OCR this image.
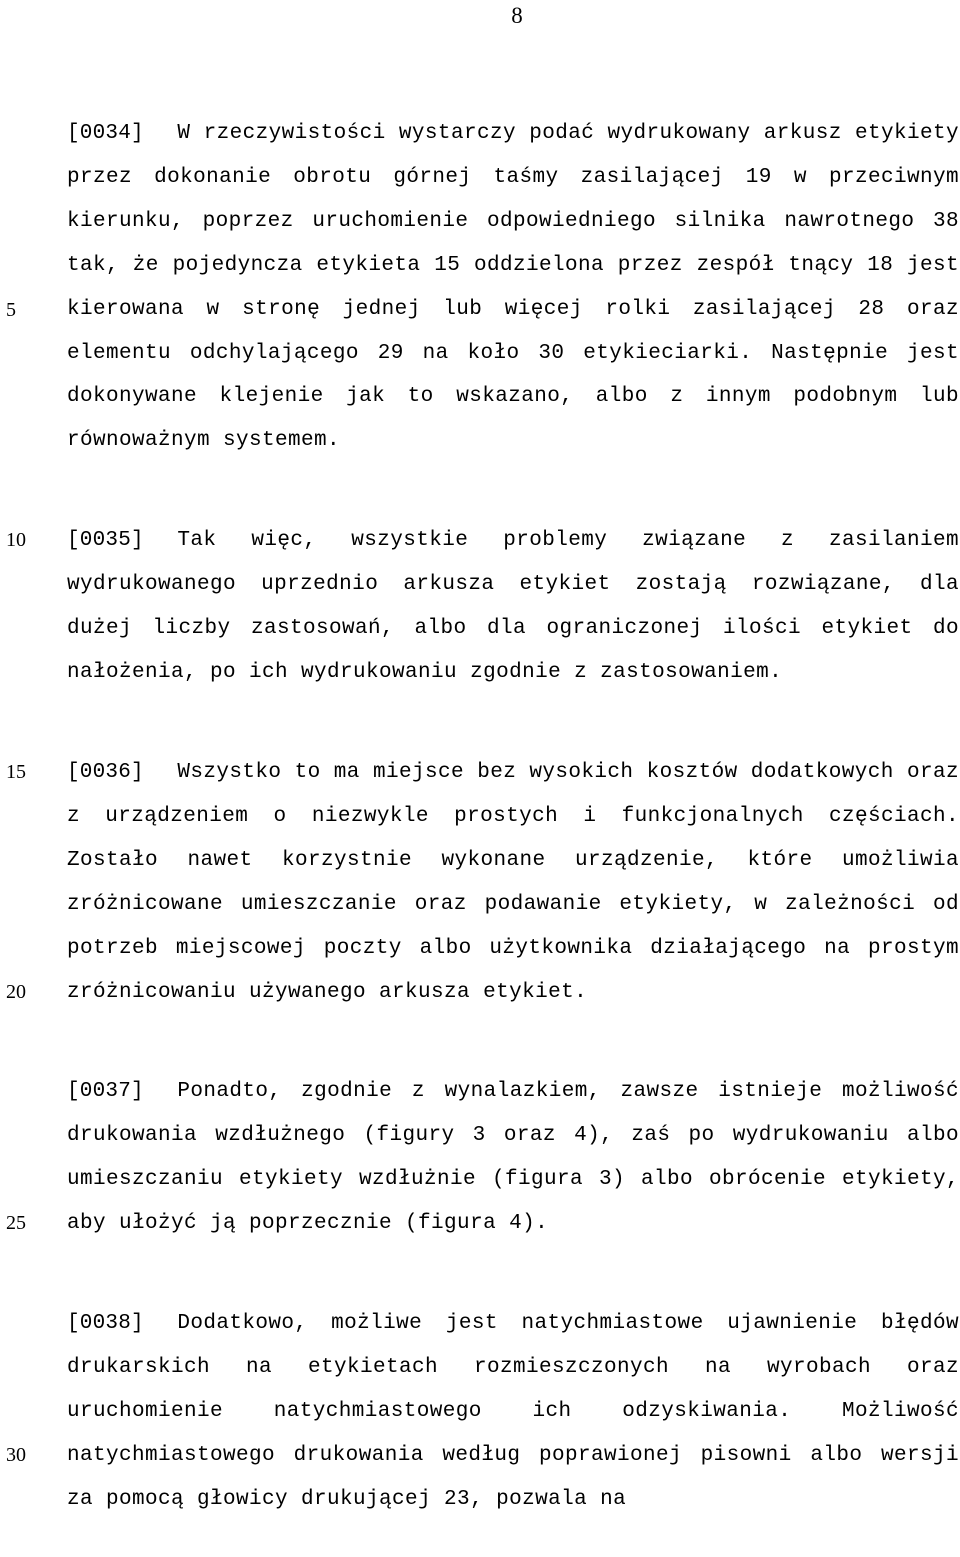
8
5
10
15
20
25
30

[0034] W rzeczywistości wystarczy podać wydrukowany arkusz etykiety przez dokonanie obrotu górnej taśmy zasilającej 19 w przeciwnym kierunku, poprzez uruchomienie odpowiedniego silnika nawrotnego 38 tak, że pojedyncza etykieta 15 oddzielona przez zespół tnący 18 jest kierowana w stronę jednej lub więcej rolki zasilającej 28 oraz elementu odchylającego 29 na koło 30 etykieciarki. Następnie jest dokonywane klejenie jak to wskazano, albo z innym podobnym lub równoważnym systemem.

[0035] Tak więc, wszystkie problemy związane z zasilaniem wydrukowanego uprzednio arkusza etykiet zostają rozwiązane, dla dużej liczby zastosowań, albo dla ograniczonej ilości etykiet do nałożenia, po ich wydrukowaniu zgodnie z zastosowaniem.

[0036] Wszystko to ma miejsce bez wysokich kosztów dodatkowych oraz z urządzeniem o niezwykle prostych i funkcjonalnych częściach. Zostało nawet korzystnie wykonane urządzenie, które umożliwia zróżnicowane umieszczanie oraz podawanie etykiety, w zależności od potrzeb miejscowej poczty albo użytkownika działającego na prostym zróżnicowaniu używanego arkusza etykiet.

[0037] Ponadto, zgodnie z wynalazkiem, zawsze istnieje możliwość drukowania wzdłużnego (figury 3 oraz 4), zaś po wydrukowaniu albo umieszczaniu etykiety wzdłużnie (figura 3) albo obrócenie etykiety, aby ułożyć ją poprzecznie (figura 4).

[0038] Dodatkowo, możliwe jest natychmiastowe ujawnienie błędów drukarskich na etykietach rozmieszczonych na wyrobach oraz uruchomienie natychmiastowego ich odzyskiwania. Możliwość natychmiastowego drukowania według poprawionej pisowni albo wersji za pomocą głowicy drukującej 23, pozwala na
